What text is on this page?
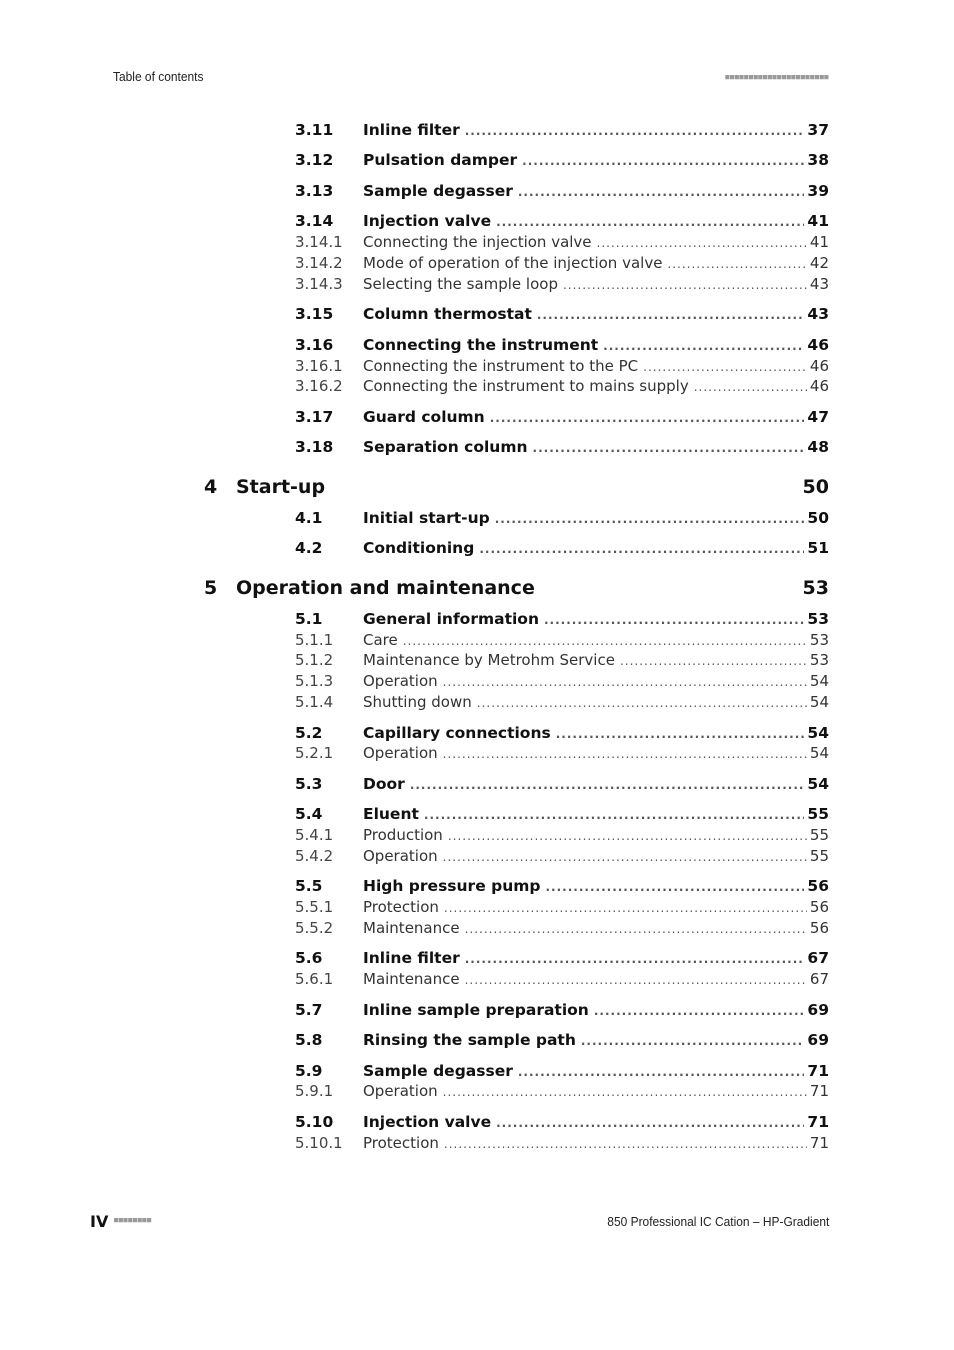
Table of contents	■■■■■■■■■■■■■■■■■■■■■■
3.11 Inline filter .....	37
3.12 Pulsation damper .....	38
3.13 Sample degasser .....	39
3.14 Injection valve .....	41
3.14.1 Connecting the injection valve .....	41
3.14.2 Mode of operation of the injection valve .....	42
3.14.3 Selecting the sample loop .....	43
3.15 Column thermostat .....	43
3.16 Connecting the instrument .....	46
3.16.1 Connecting the instrument to the PC .....	46
3.16.2 Connecting the instrument to mains supply .....	46
3.17 Guard column .....	47
3.18 Separation column .....	48
4 Start-up	50
4.1	Initial start-up .....	50
4.2	Conditioning .....	51
5 Operation and maintenance	53
5.1	General information .....	53
5.1.1 Care .....	53
5.1.2 Maintenance by Metrohm Service .....	53
5.1.3 Operation .....	54
5.1.4 Shutting down .....	54
5.2	Capillary connections .....	54
5.2.1 Operation .....	54
5.3	Door .....	54
5.4	Eluent .....	55
5.4.1 Production .....	55
5.4.2 Operation .....	55
5.5	High pressure pump .....	56
5.5.1 Protection .....	56
5.5.2 Maintenance .....	56
5.6	Inline filter .....	67
5.6.1 Maintenance .....	67
5.7	Inline sample preparation .....	69
5.8	Rinsing the sample path .....	69
5.9	Sample degasser .....	71
5.9.1 Operation .....	71
5.10 Injection valve .....	71
5.10.1 Protection .....	71
IV ■■■■■■■■	850 Professional IC Cation – HP-Gradient
